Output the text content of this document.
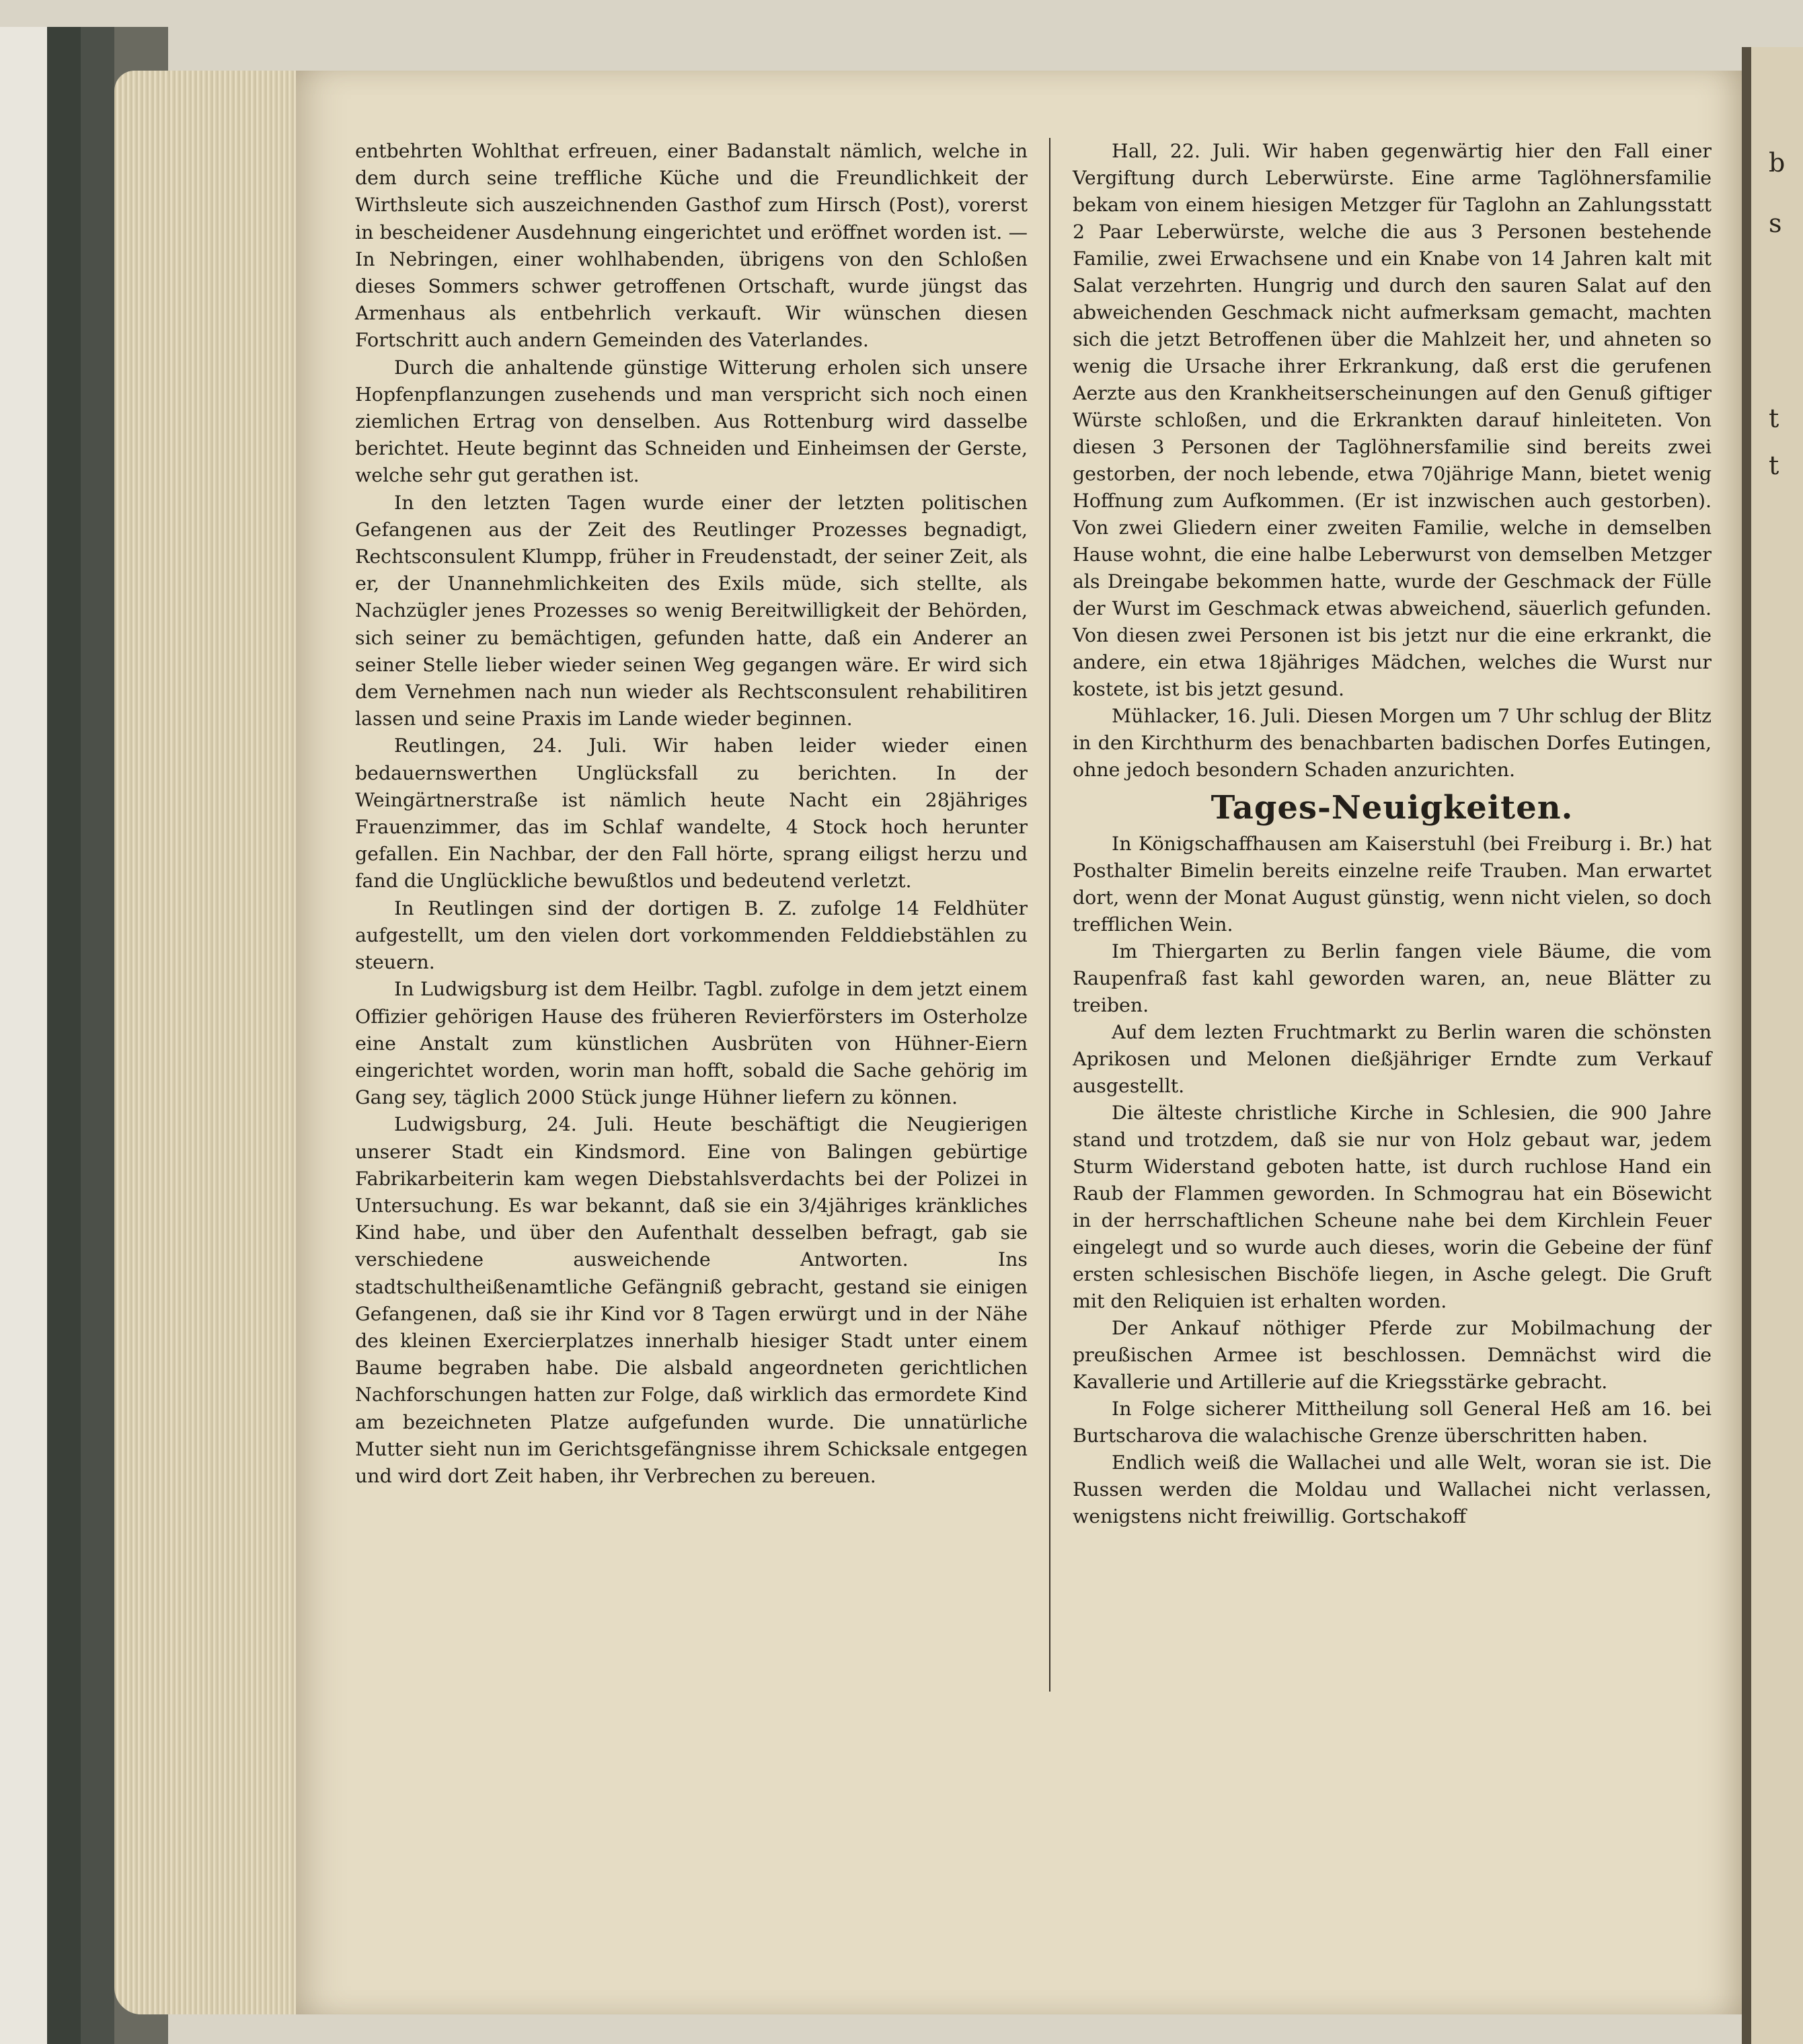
entbehrten Wohlthat erfreuen, einer Badanstalt nämlich, welche in dem durch seine treffliche Küche und die Freundlichkeit der Wirthsleute sich auszeichnenden Gasthof zum Hirsch (Post), vorerst in bescheidener Ausdehnung eingerichtet und eröffnet worden ist. — In Nebringen, einer wohlhabenden, übrigens von den Schloßen dieses Sommers schwer getroffenen Ortschaft, wurde jüngst das Armenhaus als entbehrlich verkauft. Wir wünschen diesen Fortschritt auch andern Gemeinden des Vaterlandes.

Durch die anhaltende günstige Witterung erholen sich unsere Hopfenpflanzungen zusehends und man verspricht sich noch einen ziemlichen Ertrag von denselben. Aus Rottenburg wird dasselbe berichtet. Heute beginnt das Schneiden und Einheimsen der Gerste, welche sehr gut gerathen ist.

In den letzten Tagen wurde einer der letzten politischen Gefangenen aus der Zeit des Reutlinger Prozesses begnadigt, Rechtsconsulent Klumpp, früher in Freudenstadt, der seiner Zeit, als er, der Unannehmlichkeiten des Exils müde, sich stellte, als Nachzügler jenes Prozesses so wenig Bereitwilligkeit der Behörden, sich seiner zu bemächtigen, gefunden hatte, daß ein Anderer an seiner Stelle lieber wieder seinen Weg gegangen wäre. Er wird sich dem Vernehmen nach nun wieder als Rechtsconsulent rehabilitiren lassen und seine Praxis im Lande wieder beginnen.

Reutlingen, 24. Juli. Wir haben leider wieder einen bedauernswerthen Unglücksfall zu berichten. In der Weingärtnerstraße ist nämlich heute Nacht ein 28jähriges Frauenzimmer, das im Schlaf wandelte, 4 Stock hoch herunter gefallen. Ein Nachbar, der den Fall hörte, sprang eiligst herzu und fand die Unglückliche bewußtlos und bedeutend verletzt.

In Reutlingen sind der dortigen B. Z. zufolge 14 Feldhüter aufgestellt, um den vielen dort vorkommenden Felddiebstählen zu steuern.

In Ludwigsburg ist dem Heilbr. Tagbl. zufolge in dem jetzt einem Offizier gehörigen Hause des früheren Revierförsters im Osterholze eine Anstalt zum künstlichen Ausbrüten von Hühner-Eiern eingerichtet worden, worin man hofft, sobald die Sache gehörig im Gang sey, täglich 2000 Stück junge Hühner liefern zu können.

Ludwigsburg, 24. Juli. Heute beschäftigt die Neugierigen unserer Stadt ein Kindsmord. Eine von Balingen gebürtige Fabrikarbeiterin kam wegen Diebstahlsverdachts bei der Polizei in Untersuchung. Es war bekannt, daß sie ein 3/4jähriges kränkliches Kind habe, und über den Aufenthalt desselben befragt, gab sie verschiedene ausweichende Antworten. Ins stadtschultheißenamtliche Gefängniß gebracht, gestand sie einigen Gefangenen, daß sie ihr Kind vor 8 Tagen erwürgt und in der Nähe des kleinen Exercierplatzes innerhalb hiesiger Stadt unter einem Baume begraben habe. Die alsbald angeordneten gerichtlichen Nachforschungen hatten zur Folge, daß wirklich das ermordete Kind am bezeichneten Platze aufgefunden wurde. Die unnatürliche Mutter sieht nun im Gerichtsgefängnisse ihrem Schicksale entgegen und wird dort Zeit haben, ihr Verbrechen zu bereuen.

Hall, 22. Juli. Wir haben gegenwärtig hier den Fall einer Vergiftung durch Leberwürste. Eine arme Taglöhnersfamilie bekam von einem hiesigen Metzger für Taglohn an Zahlungsstatt 2 Paar Leberwürste, welche die aus 3 Personen bestehende Familie, zwei Erwachsene und ein Knabe von 14 Jahren kalt mit Salat verzehrten. Hungrig und durch den sauren Salat auf den abweichenden Geschmack nicht aufmerksam gemacht, machten sich die jetzt Betroffenen über die Mahlzeit her, und ahneten so wenig die Ursache ihrer Erkrankung, daß erst die gerufenen Aerzte aus den Krankheitserscheinungen auf den Genuß giftiger Würste schloßen, und die Erkrankten darauf hinleiteten. Von diesen 3 Personen der Taglöhnersfamilie sind bereits zwei gestorben, der noch lebende, etwa 70jährige Mann, bietet wenig Hoffnung zum Aufkommen. (Er ist inzwischen auch gestorben). Von zwei Gliedern einer zweiten Familie, welche in demselben Hause wohnt, die eine halbe Leberwurst von demselben Metzger als Dreingabe bekommen hatte, wurde der Geschmack der Fülle der Wurst im Geschmack etwas abweichend, säuerlich gefunden. Von diesen zwei Personen ist bis jetzt nur die eine erkrankt, die andere, ein etwa 18jähriges Mädchen, welches die Wurst nur kostete, ist bis jetzt gesund.

Mühlacker, 16. Juli. Diesen Morgen um 7 Uhr schlug der Blitz in den Kirchthurm des benachbarten badischen Dorfes Eutingen, ohne jedoch besondern Schaden anzurichten.

Tages-Neuigkeiten.

In Königschaffhausen am Kaiserstuhl (bei Freiburg i. Br.) hat Posthalter Bimelin bereits einzelne reife Trauben. Man erwartet dort, wenn der Monat August günstig, wenn nicht vielen, so doch trefflichen Wein.

Im Thiergarten zu Berlin fangen viele Bäume, die vom Raupenfraß fast kahl geworden waren, an, neue Blätter zu treiben.

Auf dem lezten Fruchtmarkt zu Berlin waren die schönsten Aprikosen und Melonen dießjähriger Erndte zum Verkauf ausgestellt.

Die älteste christliche Kirche in Schlesien, die 900 Jahre stand und trotzdem, daß sie nur von Holz gebaut war, jedem Sturm Widerstand geboten hatte, ist durch ruchlose Hand ein Raub der Flammen geworden. In Schmograu hat ein Bösewicht in der herrschaftlichen Scheune nahe bei dem Kirchlein Feuer eingelegt und so wurde auch dieses, worin die Gebeine der fünf ersten schlesischen Bischöfe liegen, in Asche gelegt. Die Gruft mit den Reliquien ist erhalten worden.

Der Ankauf nöthiger Pferde zur Mobilmachung der preußischen Armee ist beschlossen. Demnächst wird die Kavallerie und Artillerie auf die Kriegsstärke gebracht.

In Folge sicherer Mittheilung soll General Heß am 16. bei Burtscharova die walachische Grenze überschritten haben.

Endlich weiß die Wallachei und alle Welt, woran sie ist. Die Russen werden die Moldau und Wallachei nicht verlassen, wenigstens nicht freiwillig. Gortschakoff

b
s
t
t
